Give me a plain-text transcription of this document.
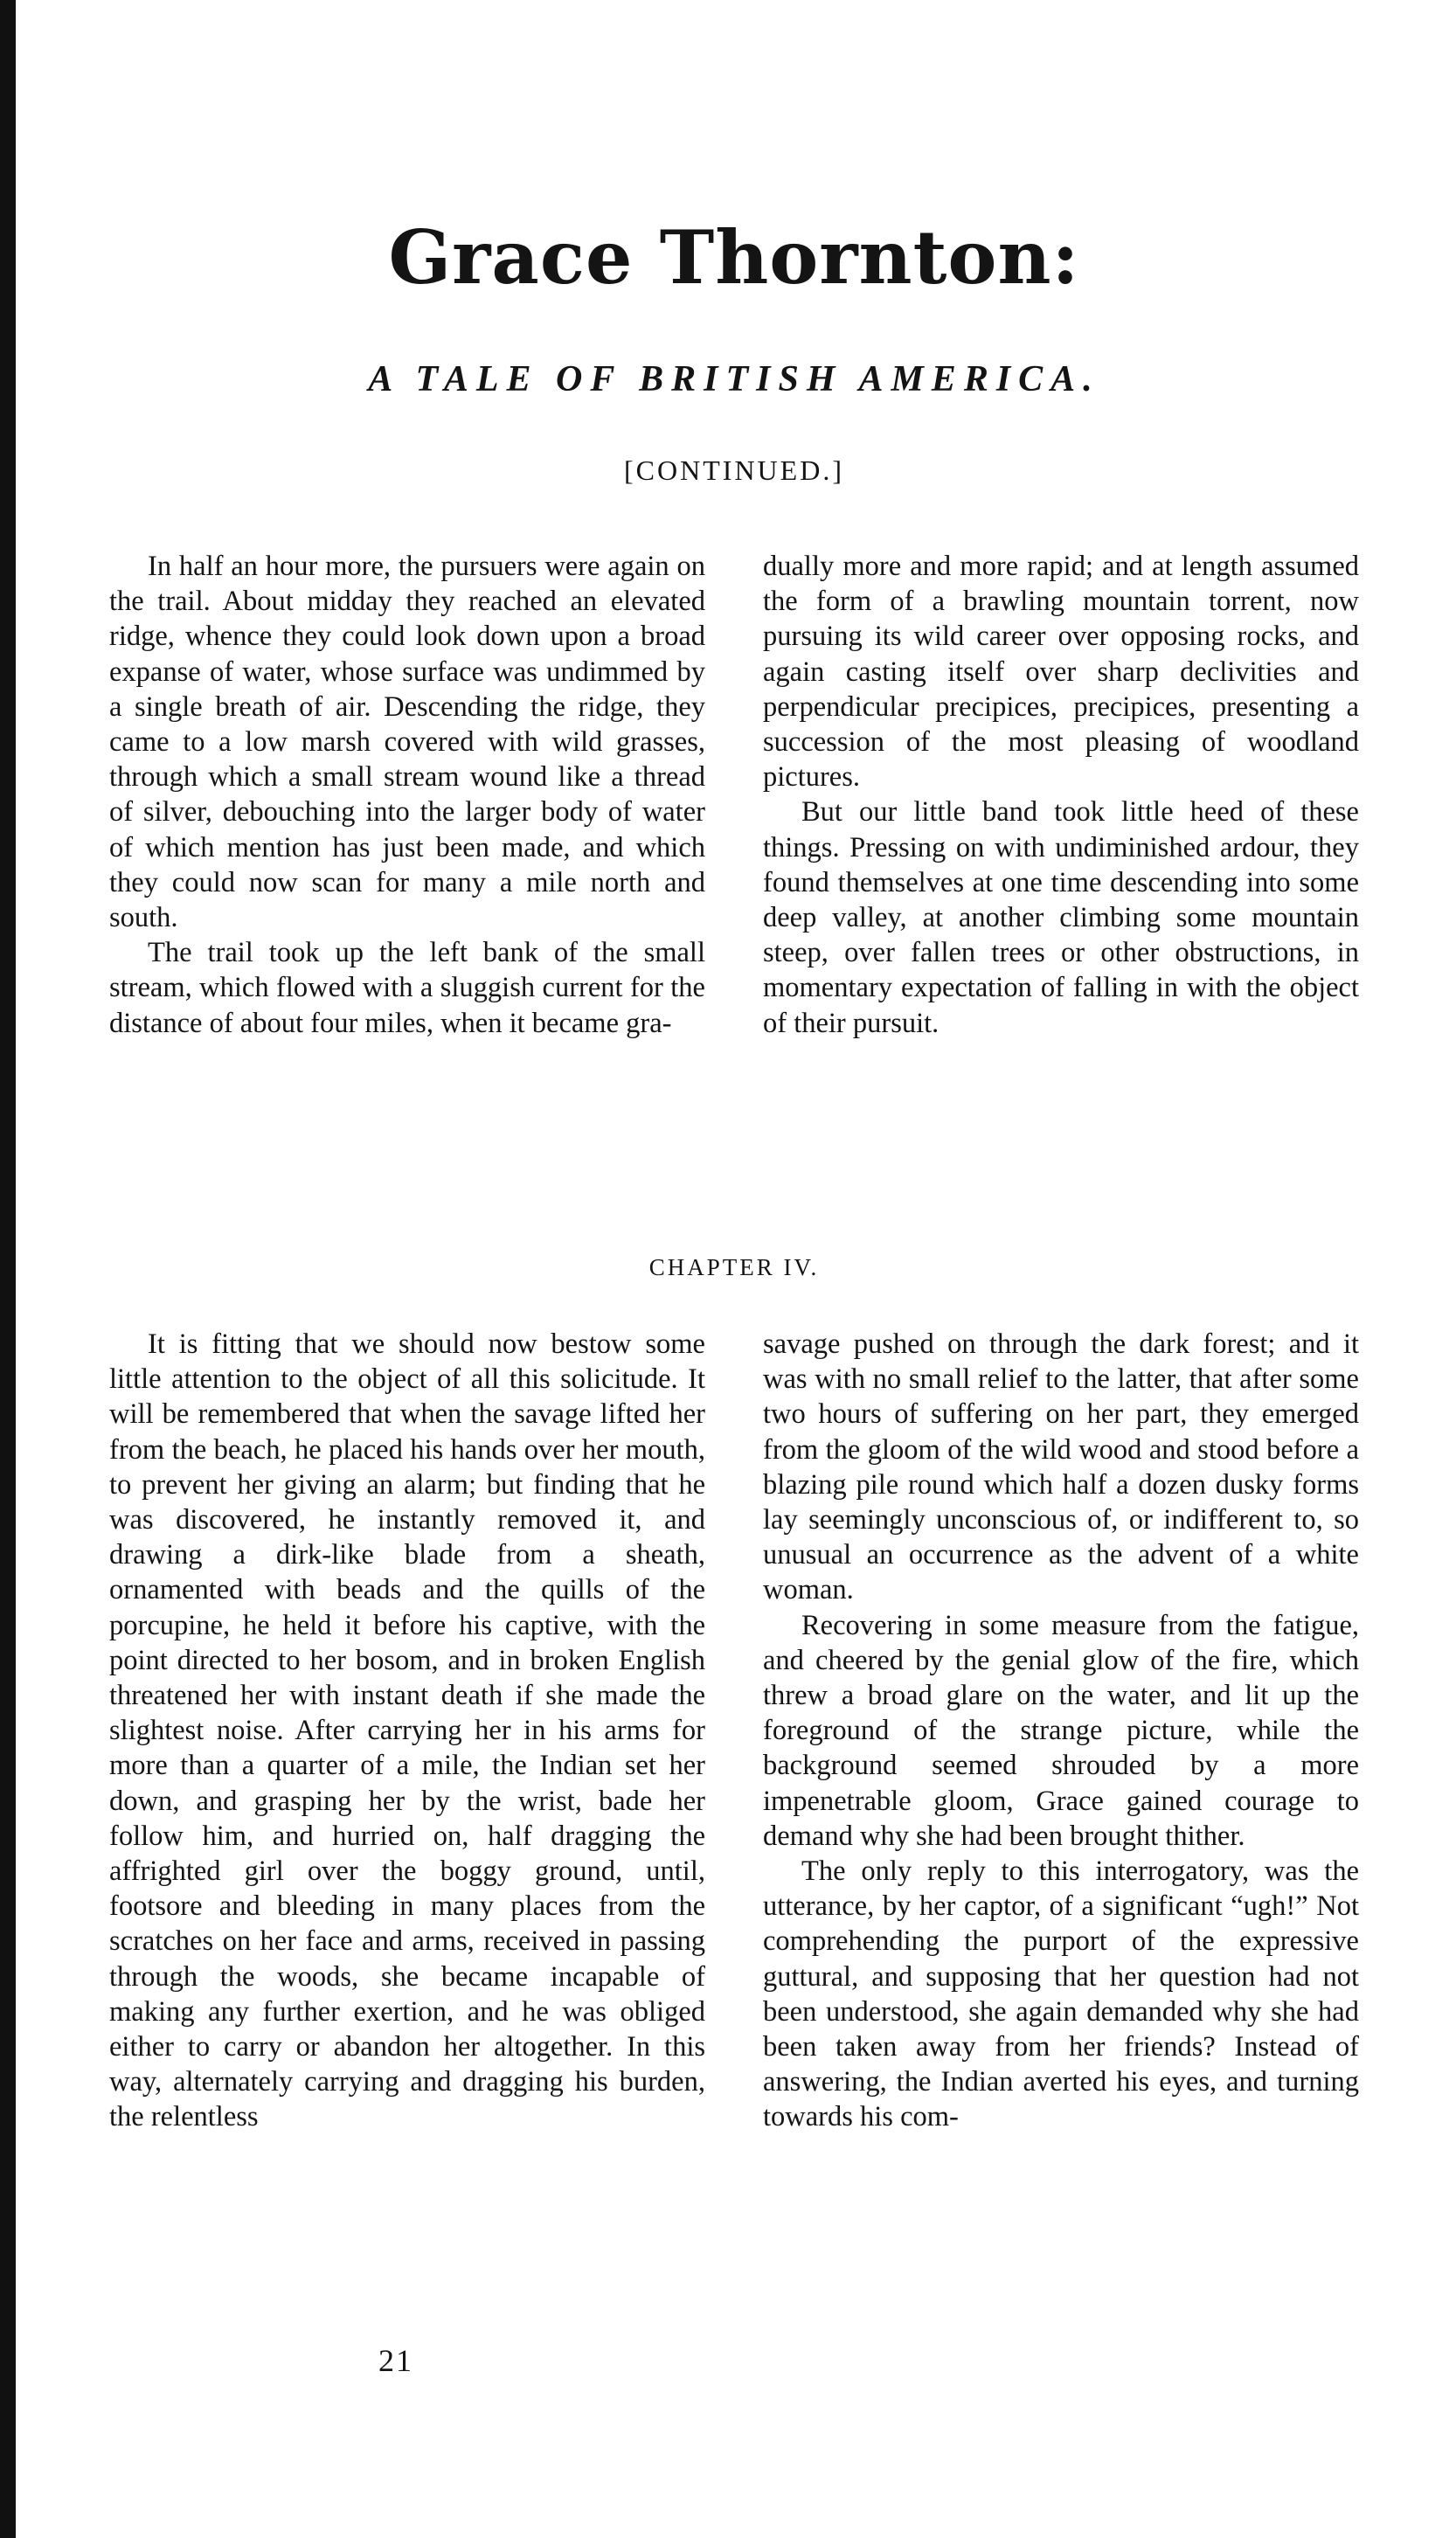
Grace Thornton:
A TALE OF BRITISH AMERICA.
[CONTINUED.]

In half an hour more, the pursuers were again on the trail. About midday they reached an elevated ridge, whence they could look down upon a broad expanse of water, whose surface was undimmed by a single breath of air. Descending the ridge, they came to a low marsh covered with wild grasses, through which a small stream wound like a thread of silver, debouching into the larger body of water of which mention has just been made, and which they could now scan for many a mile north and south.

The trail took up the left bank of the small stream, which flowed with a sluggish current for the distance of about four miles, when it became gra-

dually more and more rapid; and at length assumed the form of a brawling mountain torrent, now pursuing its wild career over opposing rocks, and again casting itself over sharp declivities and perpendicular precipices, precipices, presenting a succession of the most pleasing of woodland pictures.

But our little band took little heed of these things. Pressing on with undiminished ardour, they found themselves at one time descending into some deep valley, at another climbing some mountain steep, over fallen trees or other obstructions, in momentary expectation of falling in with the object of their pursuit.

CHAPTER IV.

It is fitting that we should now bestow some little attention to the object of all this solicitude. It will be remembered that when the savage lifted her from the beach, he placed his hands over her mouth, to prevent her giving an alarm; but finding that he was discovered, he instantly removed it, and drawing a dirk-like blade from a sheath, ornamented with beads and the quills of the porcupine, he held it before his captive, with the point directed to her bosom, and in broken English threatened her with instant death if she made the slightest noise. After carrying her in his arms for more than a quarter of a mile, the Indian set her down, and grasping her by the wrist, bade her follow him, and hurried on, half dragging the affrighted girl over the boggy ground, until, footsore and bleeding in many places from the scratches on her face and arms, received in passing through the woods, she became incapable of making any further exertion, and he was obliged either to carry or abandon her altogether. In this way, alternately carrying and dragging his burden, the relentless

savage pushed on through the dark forest; and it was with no small relief to the latter, that after some two hours of suffering on her part, they emerged from the gloom of the wild wood and stood before a blazing pile round which half a dozen dusky forms lay seemingly unconscious of, or indifferent to, so unusual an occurrence as the advent of a white woman.

Recovering in some measure from the fatigue, and cheered by the genial glow of the fire, which threw a broad glare on the water, and lit up the foreground of the strange picture, while the background seemed shrouded by a more impenetrable gloom, Grace gained courage to demand why she had been brought thither.

The only reply to this interrogatory, was the utterance, by her captor, of a significant “ugh!” Not comprehending the purport of the expressive guttural, and supposing that her question had not been understood, she again demanded why she had been taken away from her friends? Instead of answering, the Indian averted his eyes, and turning towards his com-

21
